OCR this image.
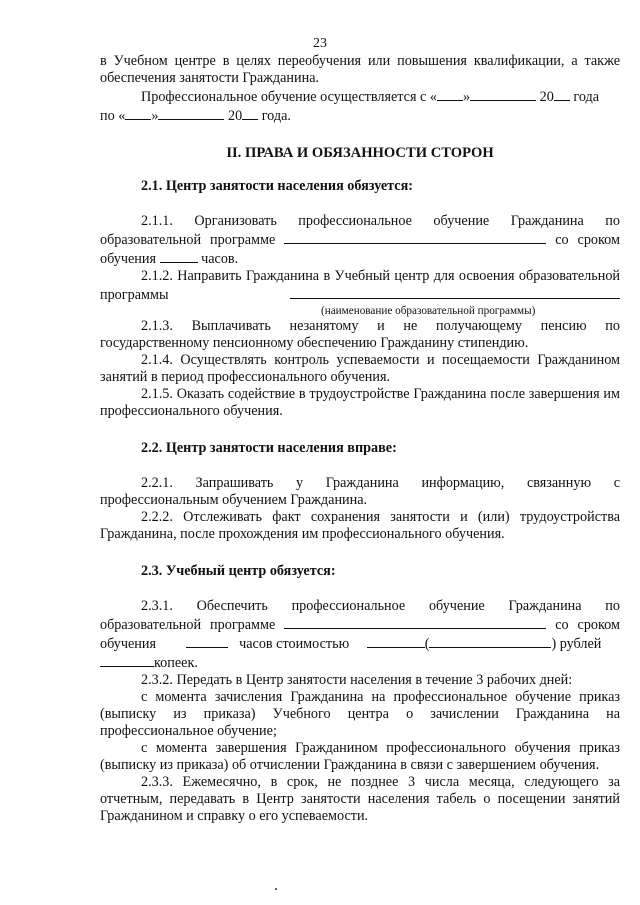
23

в Учебном центре в целях переобучения или повышения квалификации, а также обеспечения занятости Гражданина.

Профессиональное обучение осуществляется с « »	20 года

по « »	20 года.

II. ПРАВА И ОБЯЗАННОСТИ СТОРОН

2.1. Центр занятости населения обязуется:

2.1.1. Организовать профессиональное обучение Гражданина по образовательной программе	со сроком

обучения	часов.

2.1.2. Направить Гражданина в Учебный центр для освоения образовательной программы

(наименование образовательной программы)

2.1.3. Выплачивать незанятому и не получающему пенсию по государственному пенсионному обеспечению Гражданину стипендию.

2.1.4. Осуществлять контроль успеваемости и посещаемости Гражданином занятий в период профессионального обучения.

2.1.5. Оказать содействие в трудоустройстве Гражданина после завершения им профессионального обучения.

2.2. Центр занятости населения вправе:

2.2.1. Запрашивать у Гражданина информацию, связанную с профессиональным обучением Гражданина.

2.2.2. Отслеживать факт сохранения занятости и (или) трудоустройства Гражданина, после прохождения им профессионального обучения.

2.3. Учебный центр обязуется:

2.3.1. Обеспечить профессиональное обучение Гражданина по образовательной программе	со сроком

обучения	часов стоимостью	(	) рублей

копеек.

2.3.2. Передать в Центр занятости населения в течение 3 рабочих дней:

с момента зачисления Гражданина на профессиональное обучение приказ (выписку из приказа) Учебного центра о зачислении Гражданина на профессиональное обучение;

с момента завершения Гражданином профессионального обучения приказ (выписку из приказа) об отчислении Гражданина в связи с завершением обучения.

2.3.3. Ежемесячно, в срок, не позднее 3 числа месяца, следующего за отчетным, передавать в Центр занятости населения табель о посещении занятий Гражданином и справку о его успеваемости.
